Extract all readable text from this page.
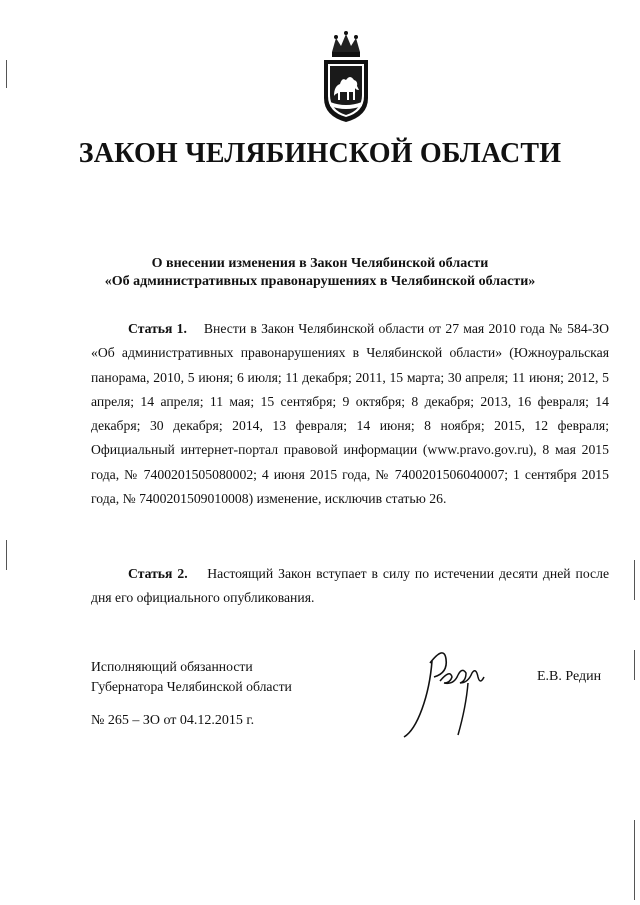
ЗАКОН ЧЕЛЯБИНСКОЙ ОБЛАСТИ
О внесении изменения в Закон Челябинской области
«Об административных правонарушениях в Челябинской области»
Статья 1. Внести в Закон Челябинской области от 27 мая 2010 года № 584-ЗО «Об административных правонарушениях в Челябинской области» (Южноуральская панорама, 2010, 5 июня; 6 июля; 11 декабря; 2011, 15 марта; 30 апреля; 11 июня; 2012, 5 апреля; 14 апреля; 11 мая; 15 сентября; 9 октября; 8 декабря; 2013, 16 февраля; 14 декабря; 30 декабря; 2014, 13 февраля; 14 июня; 8 ноября; 2015, 12 февраля; Официальный интернет-портал правовой информации (www.pravo.gov.ru), 8 мая 2015 года, № 7400201505080002; 4 июня 2015 года, № 7400201506040007; 1 сентября 2015 года, № 7400201509010008) изменение, исключив статью 26.
Статья 2. Настоящий Закон вступает в силу по истечении десяти дней после дня его официального опубликования.
Исполняющий обязанности
Губернатора Челябинской области
Е.В. Редин
№ 265 – ЗО от 04.12.2015 г.
